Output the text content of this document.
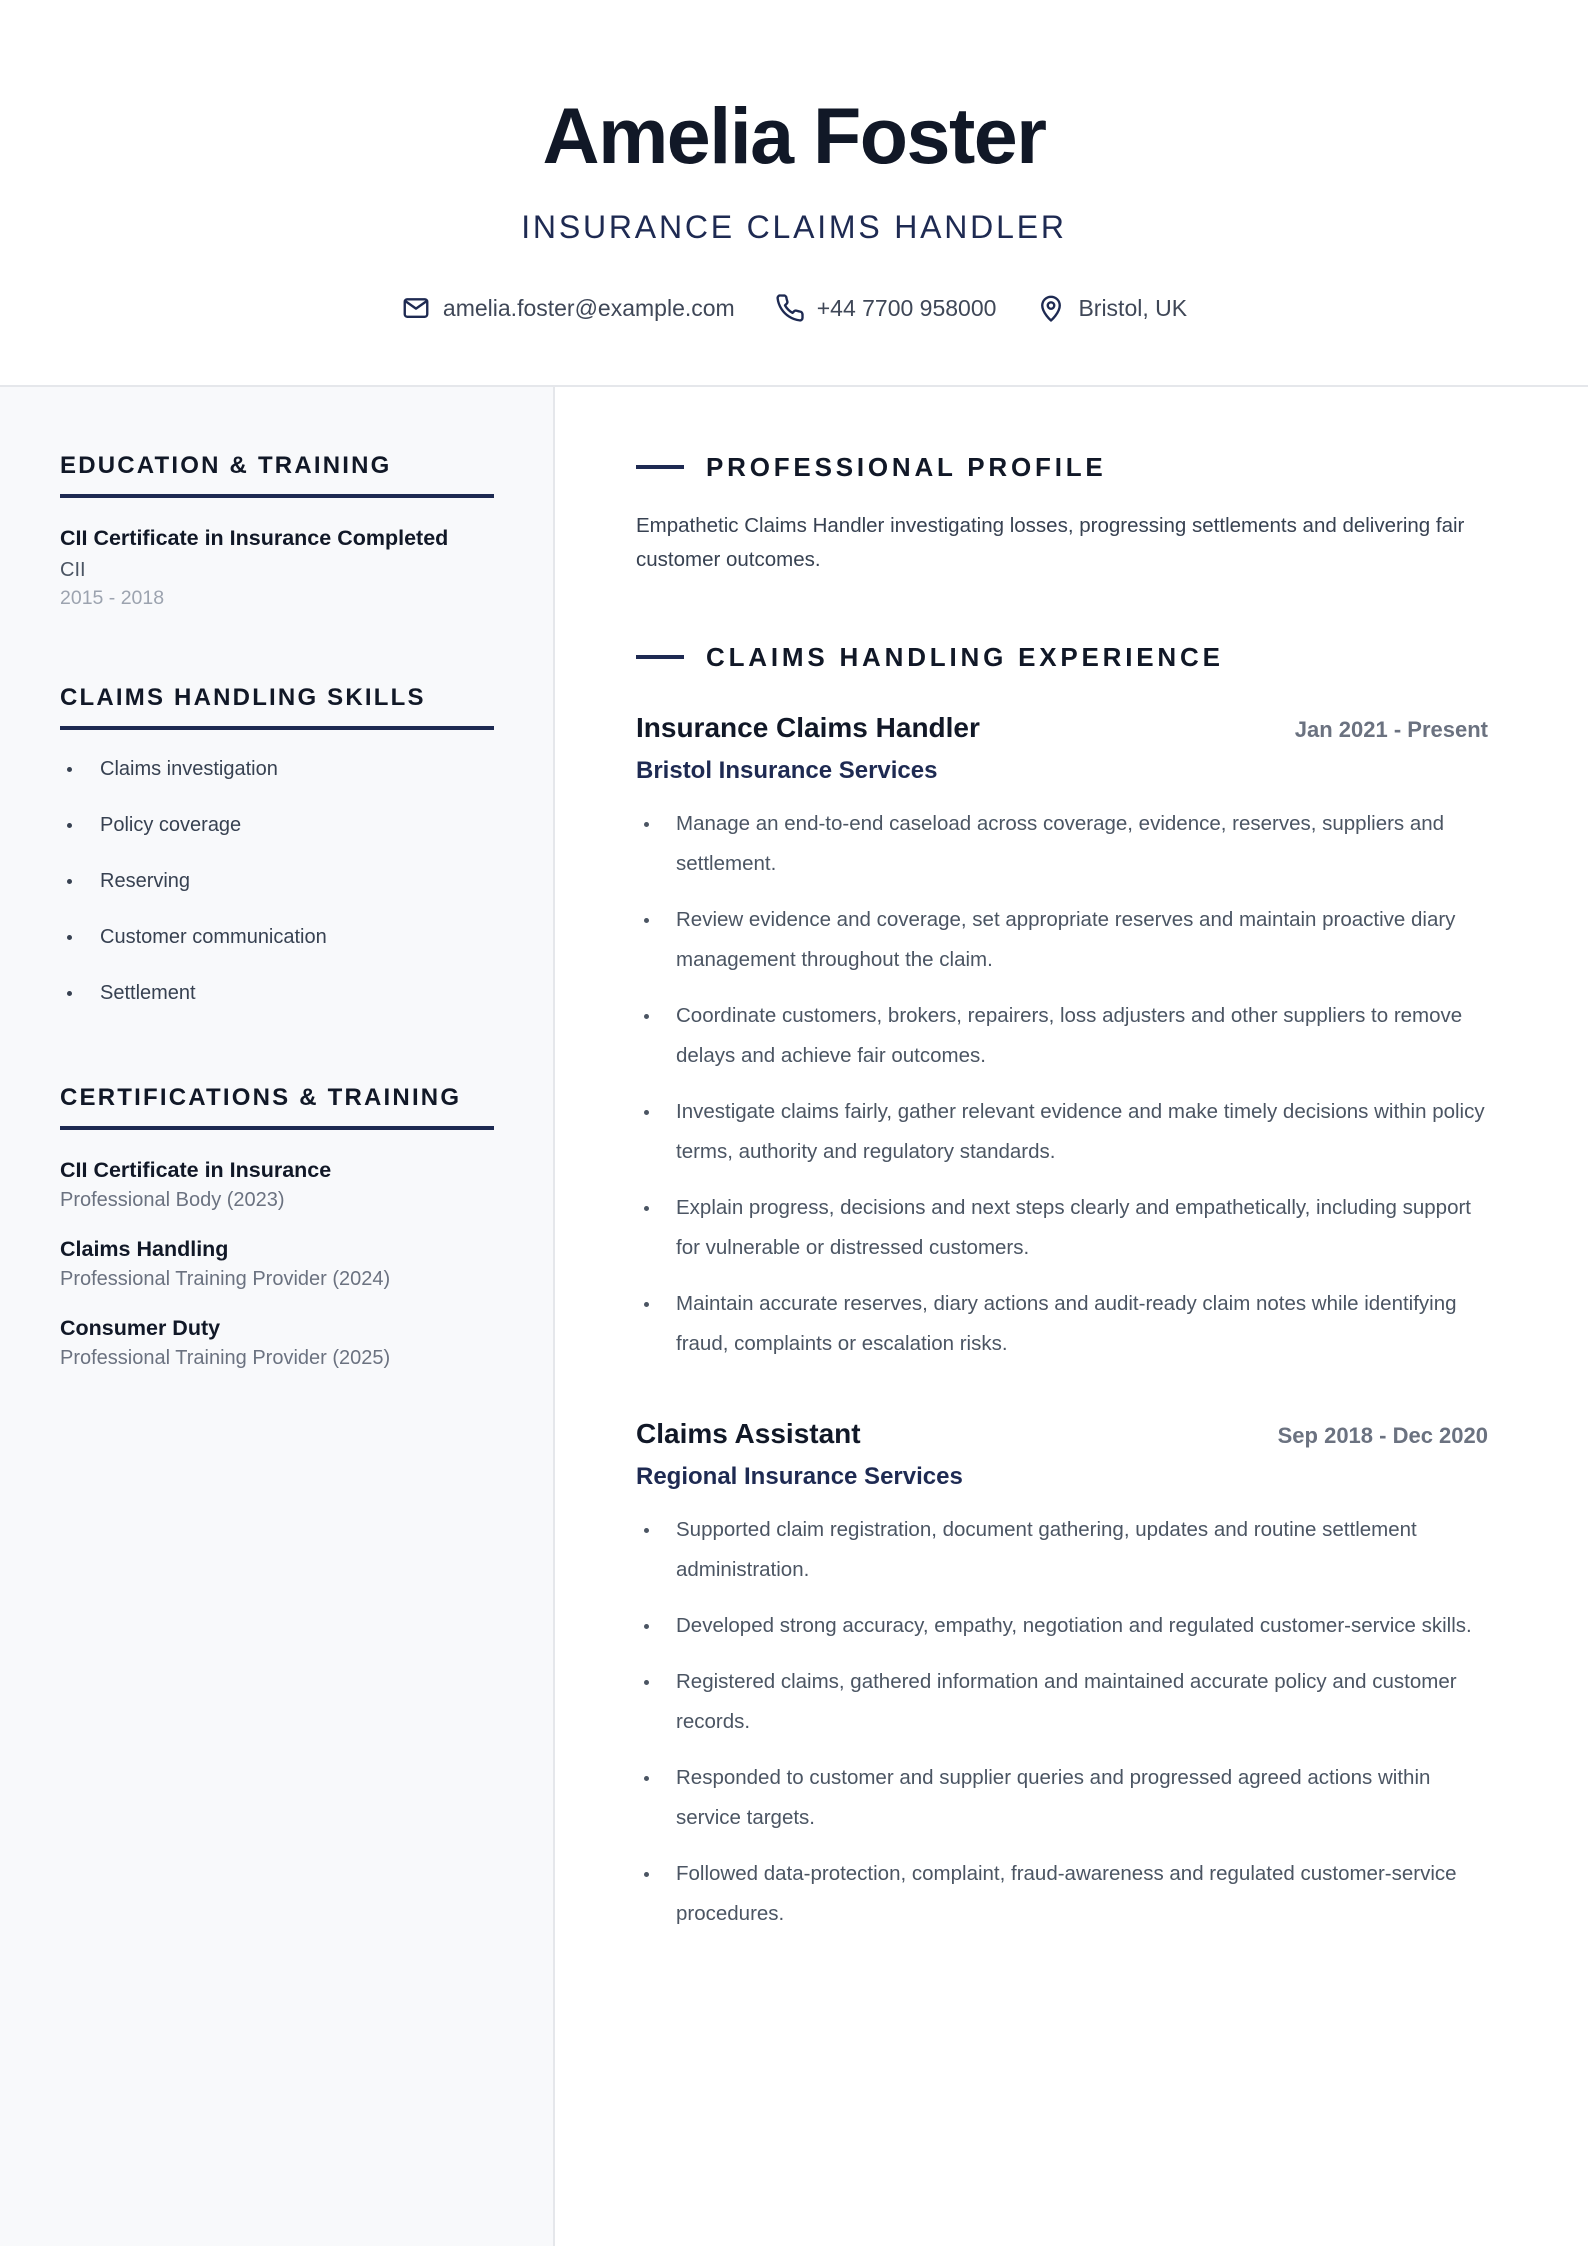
Amelia Foster
INSURANCE CLAIMS HANDLER
amelia.foster@example.com	+44 7700 958000	Bristol, UK
EDUCATION & TRAINING
CII Certificate in Insurance Completed
CII
2015 - 2018
CLAIMS HANDLING SKILLS
Claims investigation
Policy coverage
Reserving
Customer communication
Settlement
CERTIFICATIONS & TRAINING
CII Certificate in Insurance
Professional Body (2023)
Claims Handling
Professional Training Provider (2024)
Consumer Duty
Professional Training Provider (2025)
PROFESSIONAL PROFILE
Empathetic Claims Handler investigating losses, progressing settlements and delivering fair customer outcomes.
CLAIMS HANDLING EXPERIENCE
Insurance Claims Handler	Jan 2021 - Present
Bristol Insurance Services
Manage an end-to-end caseload across coverage, evidence, reserves, suppliers and settlement.
Review evidence and coverage, set appropriate reserves and maintain proactive diary management throughout the claim.
Coordinate customers, brokers, repairers, loss adjusters and other suppliers to remove delays and achieve fair outcomes.
Investigate claims fairly, gather relevant evidence and make timely decisions within policy terms, authority and regulatory standards.
Explain progress, decisions and next steps clearly and empathetically, including support for vulnerable or distressed customers.
Maintain accurate reserves, diary actions and audit-ready claim notes while identifying fraud, complaints or escalation risks.
Claims Assistant	Sep 2018 - Dec 2020
Regional Insurance Services
Supported claim registration, document gathering, updates and routine settlement administration.
Developed strong accuracy, empathy, negotiation and regulated customer-service skills.
Registered claims, gathered information and maintained accurate policy and customer records.
Responded to customer and supplier queries and progressed agreed actions within service targets.
Followed data-protection, complaint, fraud-awareness and regulated customer-service procedures.
